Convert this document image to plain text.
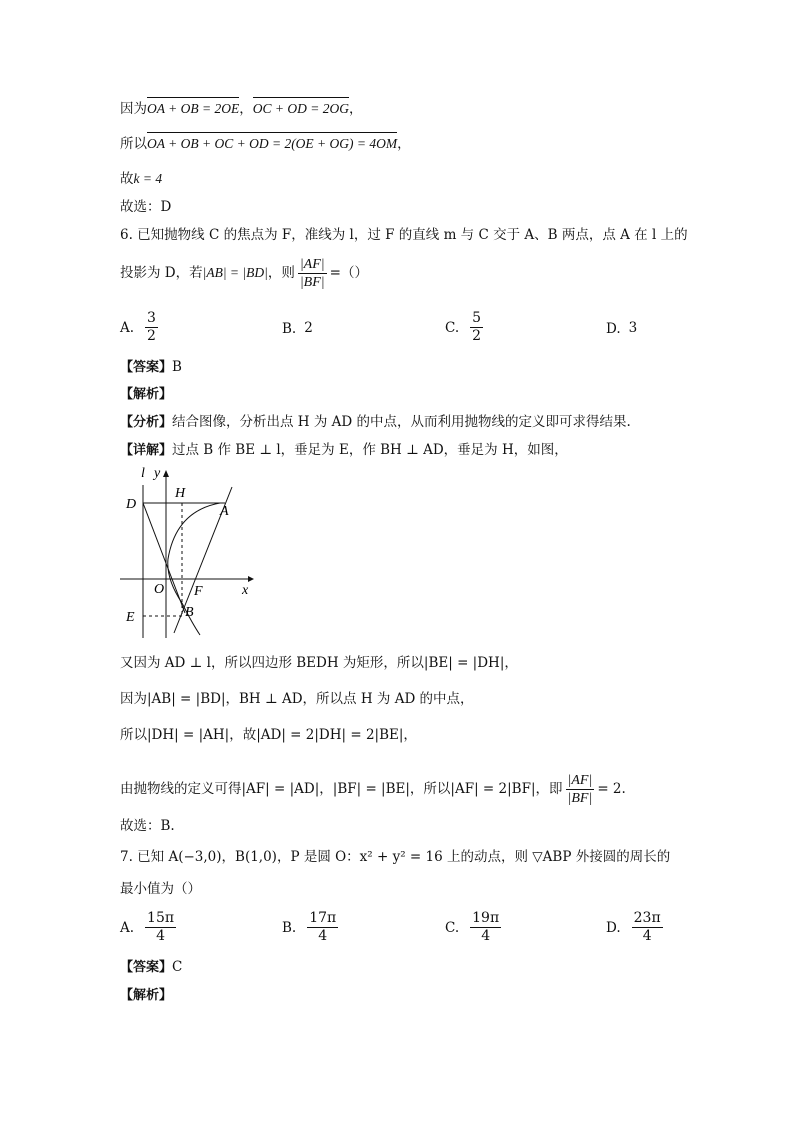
因为OA + OB = 2OE，OC + OD = 2OG，
所以OA + OB + OC + OD = 2(OE + OG) = 4OM，
故k = 4
故选：D
6. 已知抛物线 C 的焦点为 F，准线为 l，过 F 的直线 m 与 C 交于 A、B 两点，点 A 在 l 上的
投影为 D，若|AB| = |BD|，则 $\frac{|AF|}{|BF|}$ =（）
A. $\frac{3}{2}$	B. 2	C. $\frac{5}{2}$	D. 3
【答案】B
【解析】
【分析】结合图像，分析出点 H 为 AD 的中点，从而利用抛物线的定义即可求得结果.
【详解】过点 B 作 BE ⊥ l，垂足为 E，作 BH ⊥ AD，垂足为 H，如图，
l y
H
D	A
O F	x
E	B
又因为 AD ⊥ l，所以四边形 BEDH 为矩形，所以|BE| = |DH|，
因为|AB| = |BD|，BH ⊥ AD，所以点 H 为 AD 的中点，
所以|DH| = |AH|，故|AD| = 2|DH| = 2|BE|，
由抛物线的定义可得|AF| = |AD|，|BF| = |BE|，所以|AF| = 2|BF|，即 $\frac{|AF|}{|BF|} = 2$.
故选：B.
7. 已知 A(−3,0)，B(1,0)，P 是圆 O：x² + y² = 16 上的动点，则 ▽ABP 外接圆的周长的
最小值为（）
A. $\frac{15\pi}{4}$	B. $\frac{17\pi}{4}$	C. $\frac{19\pi}{4}$	D. $\frac{23\pi}{4}$
【答案】C
【解析】
